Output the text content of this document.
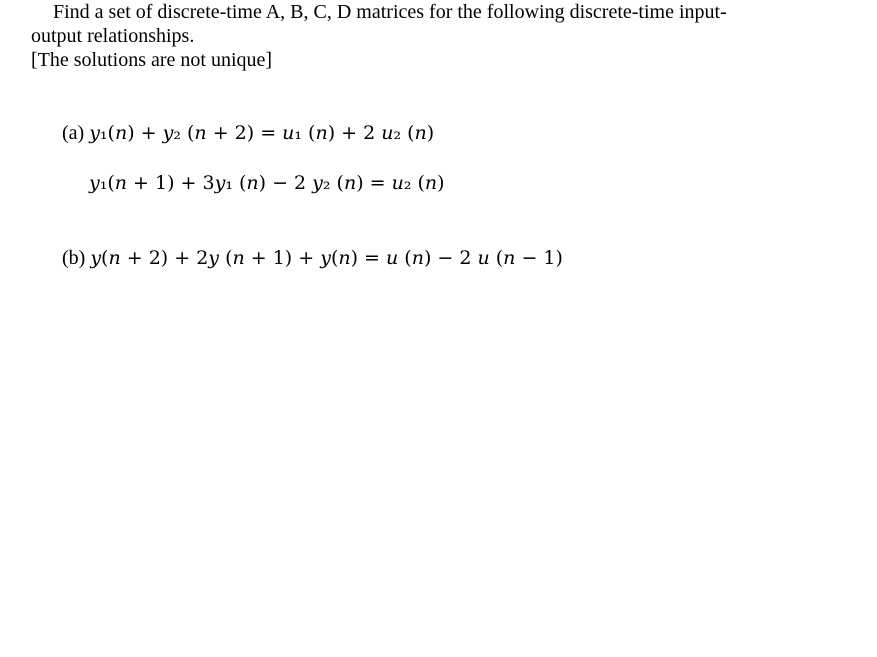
Find a set of discrete-time A, B, C, D matrices for the following discrete-time input-

output relationships.

[The solutions are not unique]

(a) 𝑦₁(𝑛) + 𝑦₂ (𝑛 + 2) = 𝑢₁ (𝑛) + 2 𝑢₂ (𝑛)
𝑦₁(𝑛 + 1) + 3𝑦₁ (𝑛) − 2 𝑦₂ (𝑛) = 𝑢₂ (𝑛)
(b) 𝑦(𝑛 + 2) + 2𝑦 (𝑛 + 1) + 𝑦(𝑛) = 𝑢 (𝑛) − 2 𝑢 (𝑛 − 1)
